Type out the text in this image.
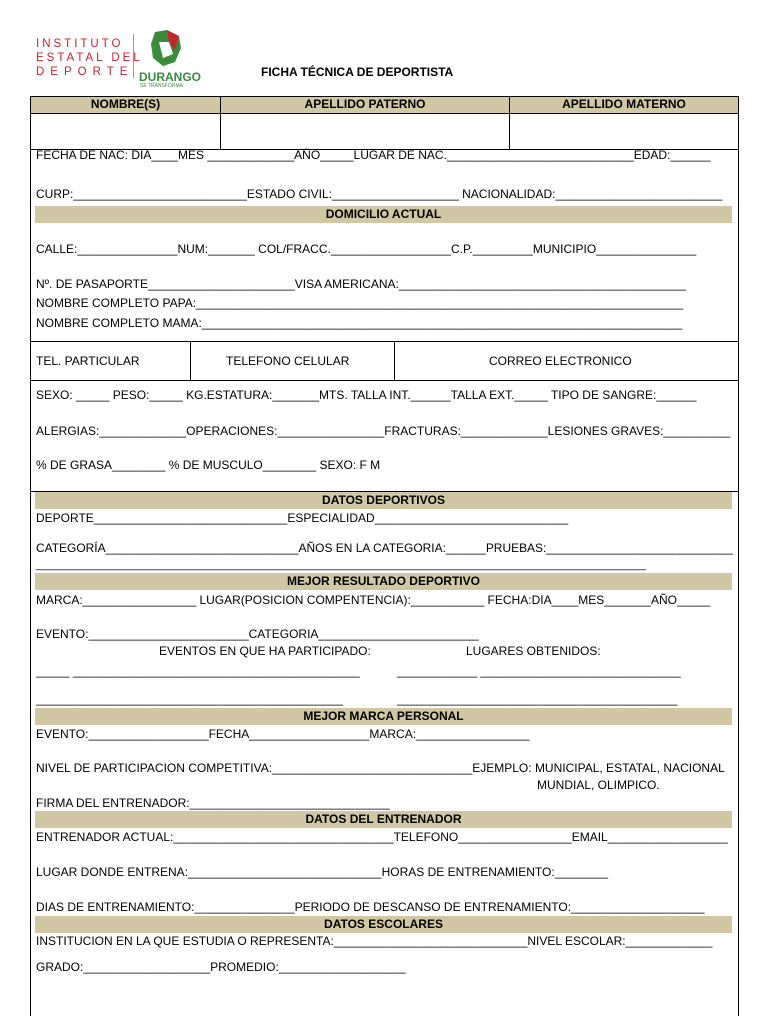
INSTITUTO
ESTATAL DEL
DEPORTE DURANGO
SE TRANSFORMA
FICHA TÉCNICA DE DEPORTISTA
NOMBRE(S)	APELLIDO PATERNO	APELLIDO MATERNO
FECHA DE NAC: DIA____MES _____________AÑO_____LUGAR DE NAC.____________________________EDAD:______
CURP:__________________________ESTADO CIVIL:___________________ NACIONALIDAD:_________________________
DOMICILIO ACTUAL
CALLE:_______________NUM:_______ COL/FRACC.__________________C.P._________MUNICIPIO_______________
Nº. DE PASAPORTE______________________VISA AMERICANA:___________________________________________
NOMBRE COMPLETO PAPA:_________________________________________________________________________
NOMBRE COMPLETO MAMA:________________________________________________________________________
TEL. PARTICULAR	TELEFONO CELULAR	CORREO ELECTRONICO
SEXO: _____ PESO:_____ KG.ESTATURA:_______MTS. TALLA INT.______TALLA EXT._____ TIPO DE SANGRE:______
ALERGIAS:_____________OPERACIONES:________________FRACTURAS:_____________LESIONES GRAVES:__________
% DE GRASA________ % DE MUSCULO________ SEXO: F M
DATOS DEPORTIVOS
DEPORTE_____________________________ESPECIALIDAD_____________________________
CATEGORÍA_____________________________AÑOS EN LA CATEGORIA:______PRUEBAS:____________________________
__________________________________________________________________________________________________
MEJOR RESULTADO DEPORTIVO
MARCA:_________________ LUGAR(POSICION COMPENTENCIA):___________ FECHA:DIA____MES_______AÑO_____
EVENTO:________________________CATEGORIA________________________
EVENTOS EN QUE HA PARTICIPADO:	LUGARES OBTENIDOS:
_____ ___________________________________________	____________ ______________________________
______________________________________________	__________________________________________
MEJOR MARCA PERSONAL
EVENTO:__________________FECHA__________________MARCA:_________________
NIVEL DE PARTICIPACION COMPETITIVA:______________________________EJEMPLO: MUNICIPAL, ESTATAL, NACIONAL
MUNDIAL, OLIMPICO.
FIRMA DEL ENTRENADOR:______________________________
DATOS DEL ENTRENADOR
ENTRENADOR ACTUAL:_________________________________TELEFONO_________________EMAIL__________________
LUGAR DONDE ENTRENA:_____________________________HORAS DE ENTRENAMIENTO:________
DIAS DE ENTRENAMIENTO:_______________PERIODO DE DESCANSO DE ENTRENAMIENTO:____________________
DATOS ESCOLARES
INSTITUCION EN LA QUE ESTUDIA O REPRESENTA:_____________________________NIVEL ESCOLAR:_____________
GRADO:___________________PROMEDIO:___________________
